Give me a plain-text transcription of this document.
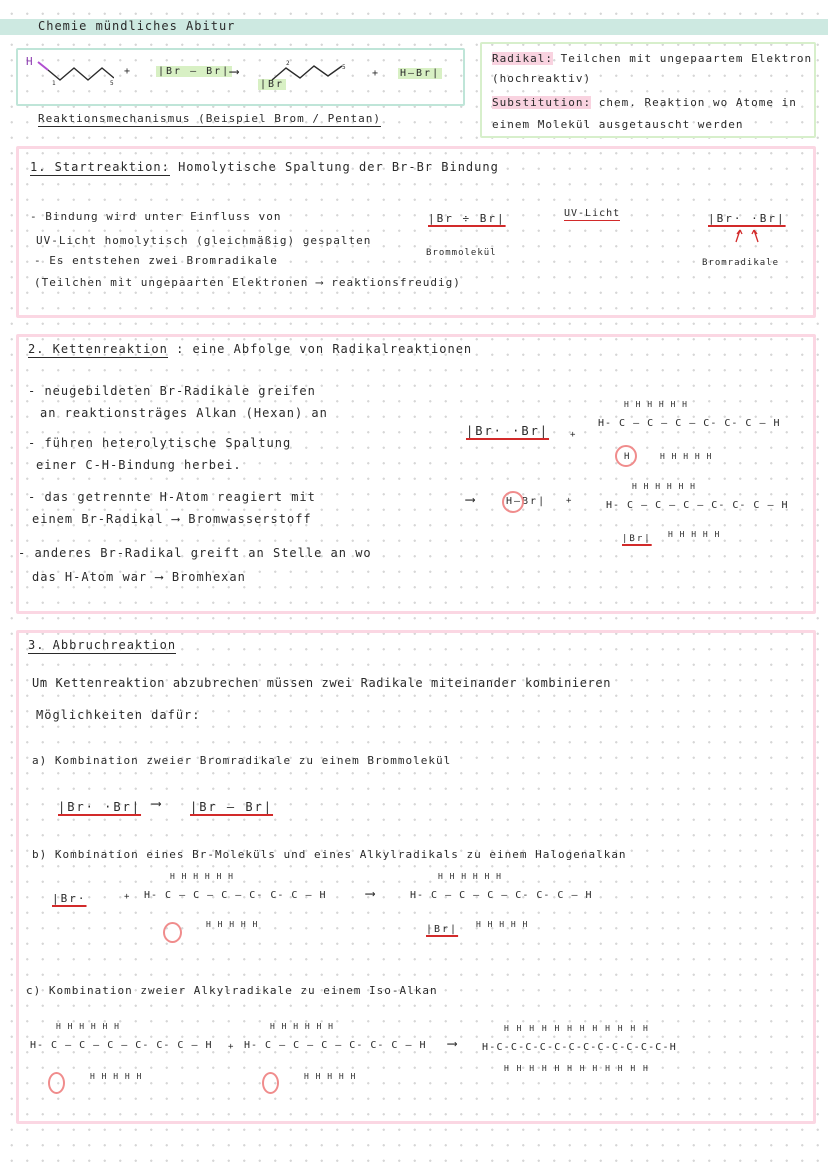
Chemie mündliches Abitur
H
1	5
+	|Br – Br| ⟶
|Br
2
5
+ H–Br|
Reaktionsmechanismus (Beispiel Brom / Pentan)
Radikal: Teilchen mit ungepaartem Elektron
(hochreaktiv)
Substitution: chem. Reaktion wo Atome in
einem Molekül ausgetauscht werden
1. Startreaktion: Homolytische Spaltung der Br-Br Bindung
- Bindung wird unter Einfluss von
UV-Licht homolytisch (gleichmäßig) gespalten
- Es entstehen zwei Bromradikale
(Teilchen mit ungepaarten Elektronen ⟶ reaktionsfreudig)
|Br ÷ Br|
Brommolekül
UV-Licht	|Br· ·Br|
Bromradikale
2. Kettenreaktion : eine Abfolge von Radikalreaktionen
- neugebildeten Br-Radikale greifen
an reaktionsträges Alkan (Hexan) an
- führen heterolytische Spaltung
einer C-H-Bindung herbei.
- das getrennte H-Atom reagiert mit
einem Br-Radikal ⟶ Bromwasserstoff
- anderes Br-Radikal greift an Stelle an wo
das H-Atom war ⟶ Bromhexan
|Br· ·Br| +
H H H H H H
H- C – C – C – C- C- C – H
H	H H H H H
⟶	H–Br| +
H H H H H H
H- C – C – C – C- C- C – H
|Br| H H H H H
3. Abbruchreaktion
Um Kettenreaktion abzubrechen müssen zwei Radikale miteinander kombinieren
Möglichkeiten dafür:
a) Kombination zweier Bromradikale zu einem Brommolekül
|Br· ·Br| ⟶ |Br – Br|
b) Kombination eines Br-Moleküls und eines Alkylradikals zu einem Halogenalkan
|Br·	+
H H H H H H
H- C – C – C – C- C- C – H
H H H H H
⟶
H H H H H H
H- C – C – C – C- C- C – H
|Br| H H H H H
c) Kombination zweier Alkylradikale zu einem Iso-Alkan
H H H H H H
H- C – C – C – C- C- C – H
H H H H H
+
H H H H H H
H- C – C – C – C- C- C – H
H H H H H
⟶
H H H H H H H H H H H H
H-C-C-C-C-C-C-C-C-C-C-C-C-H
H H H H H H H H H H H H
